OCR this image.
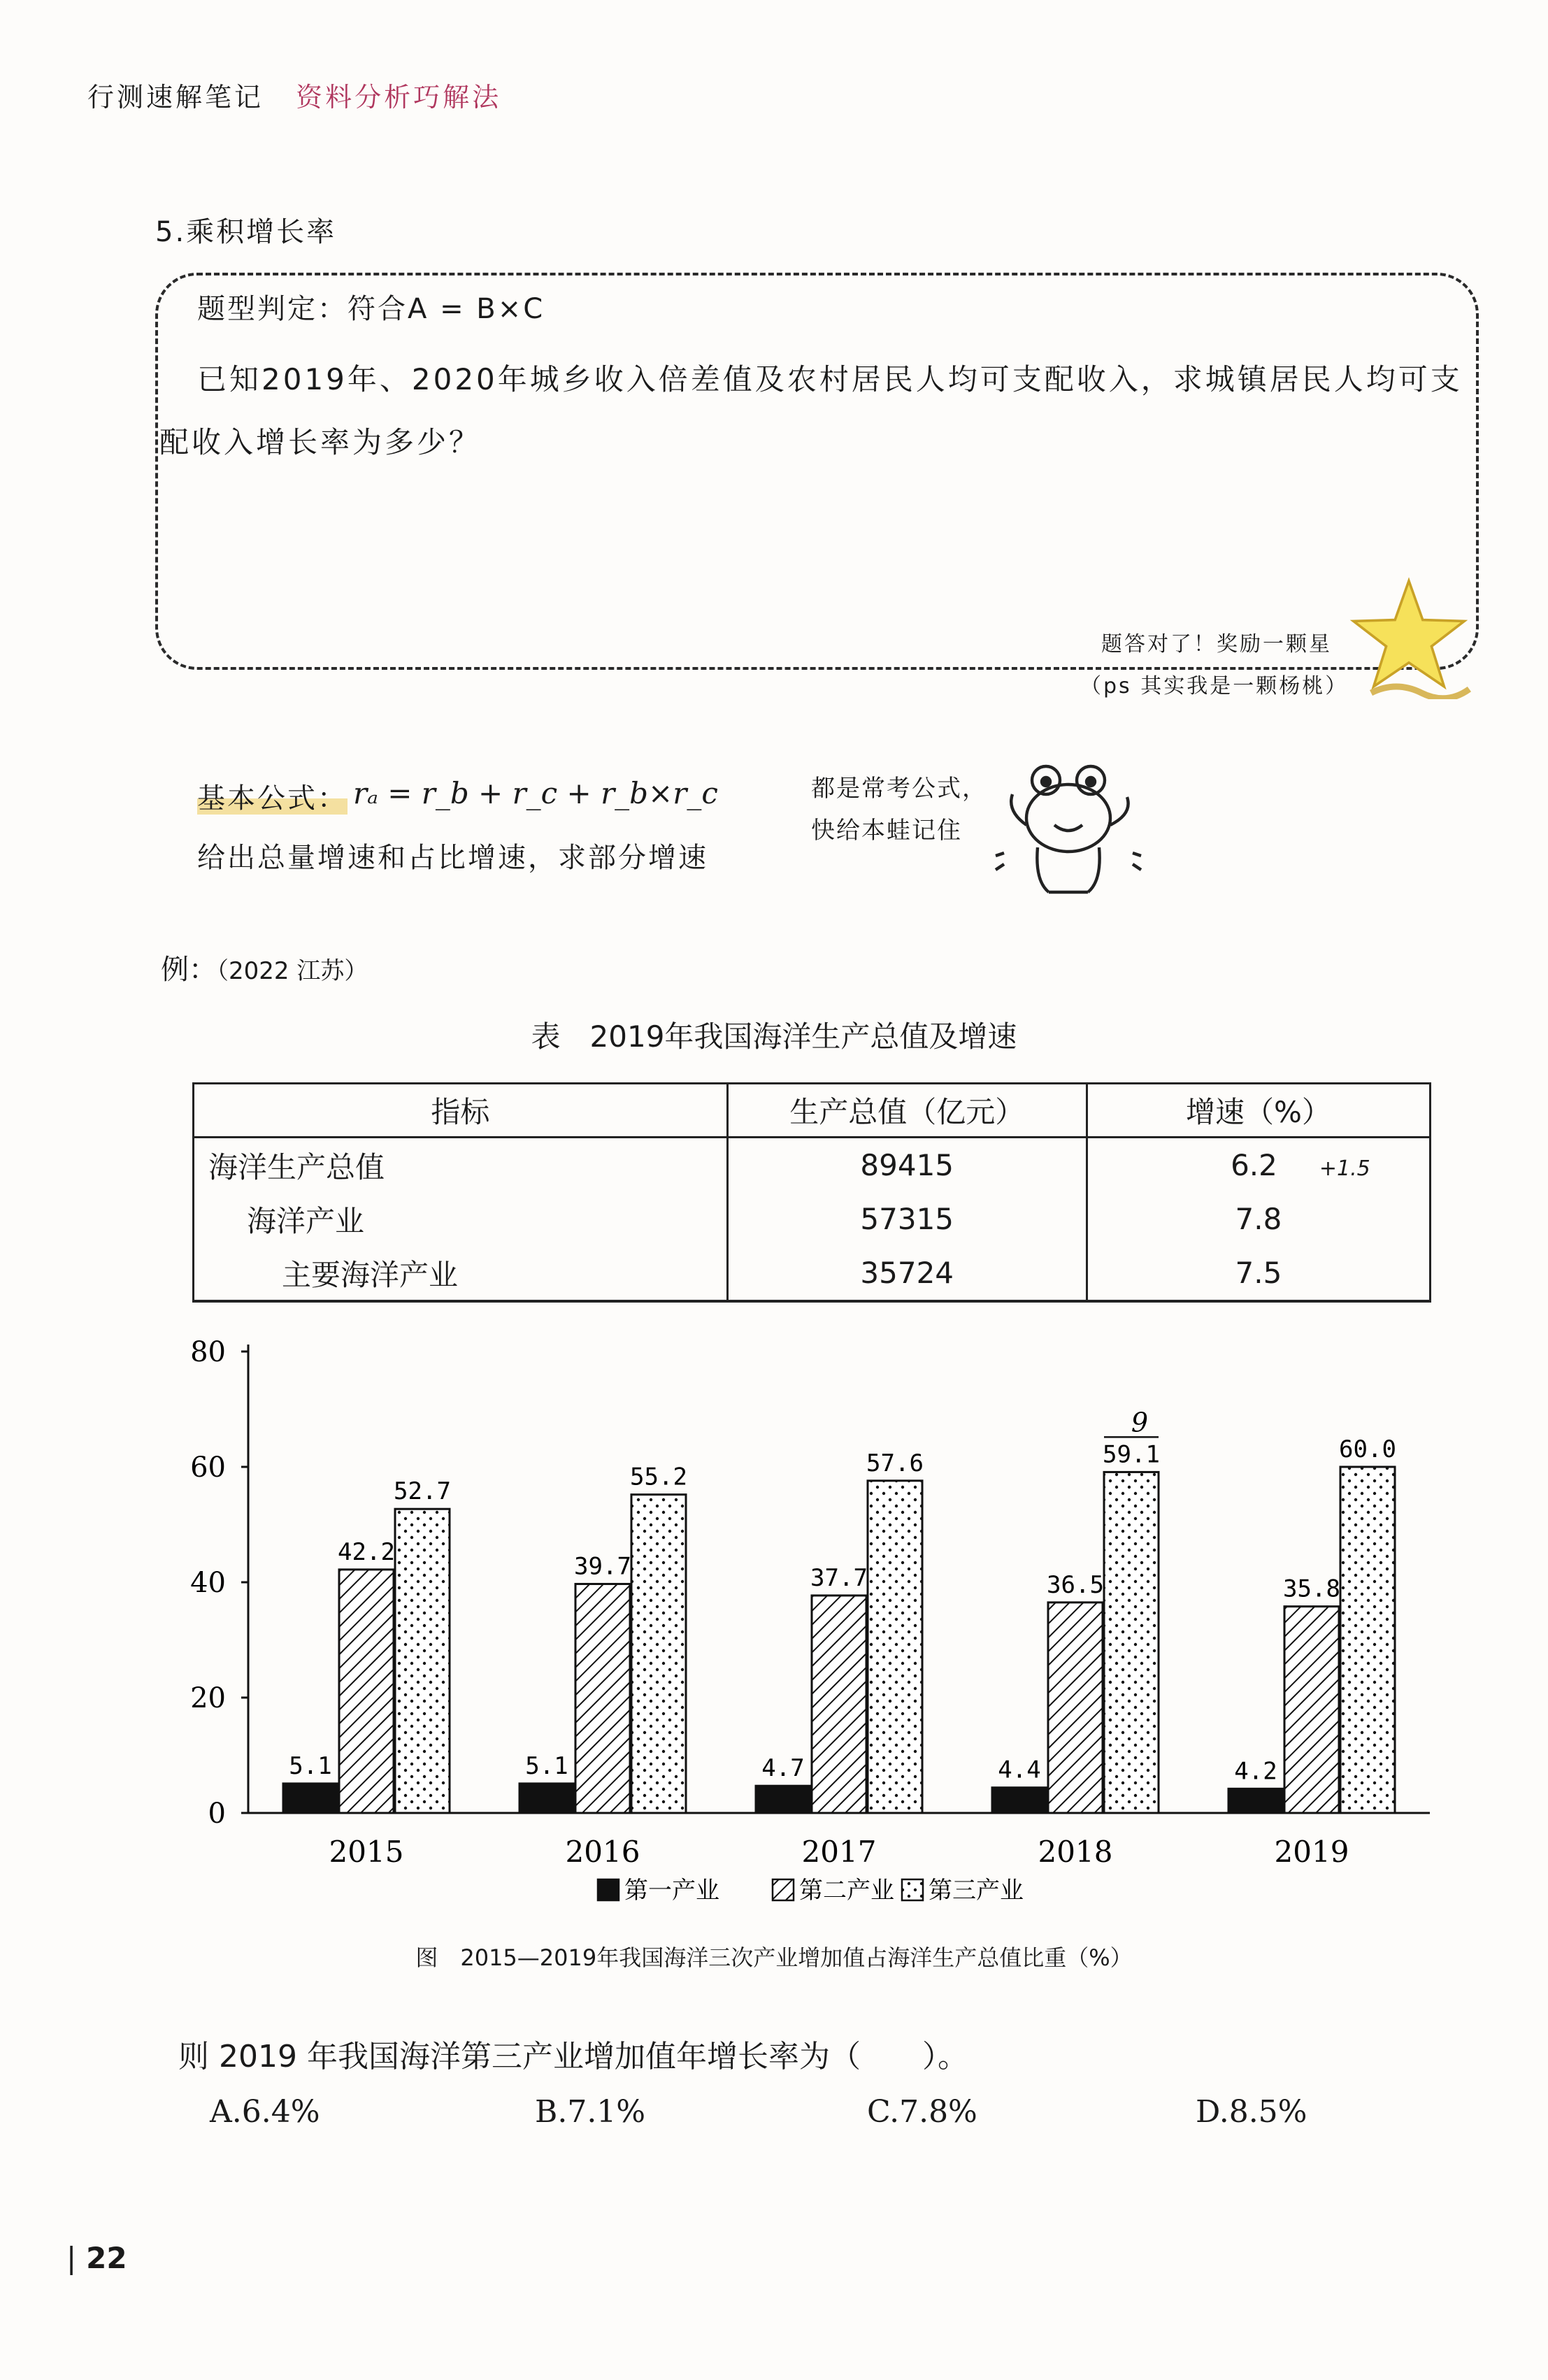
行测速解笔记 资料分析巧解法
5.乘积增长率
题型判定：符合A = B×C
已知2019年、2020年城乡收入倍差值及农村居民人均可支配收入，求城镇居民人均可支
配收入增长率为多少？
题答对了！奖励一颗星
（ps 其实我是一颗杨桃）
基本公式： rₐ = r_b + r_c + r_b×r_c
给出总量增速和占比增速，求部分增速
都是常考公式，
快给本蛙记住
例：（2022 江苏）
表　2019年我国海洋生产总值及增速
指标	生产总值（亿元）	增速（%）
海洋生产总值	89415	6.2 +1.5
海洋产业	57315	7.8
主要海洋产业	35724	7.5
0
20
40
60
80
5.1
42.2
52.7
2015
5.1
39.7
55.2
2016
4.7
37.7
57.6
2017
4.4
36.5
59.1
2018
9
4.2
35.8
60.0
2019
第一产业	第二产业 第三产业
图　2015—2019年我国海洋三次产业增加值占海洋生产总值比重（%）
则 2019 年我国海洋第三产业增加值年增长率为（　　）。
A.6.4%	B.7.1%	C.7.8%	D.8.5%
| 22
